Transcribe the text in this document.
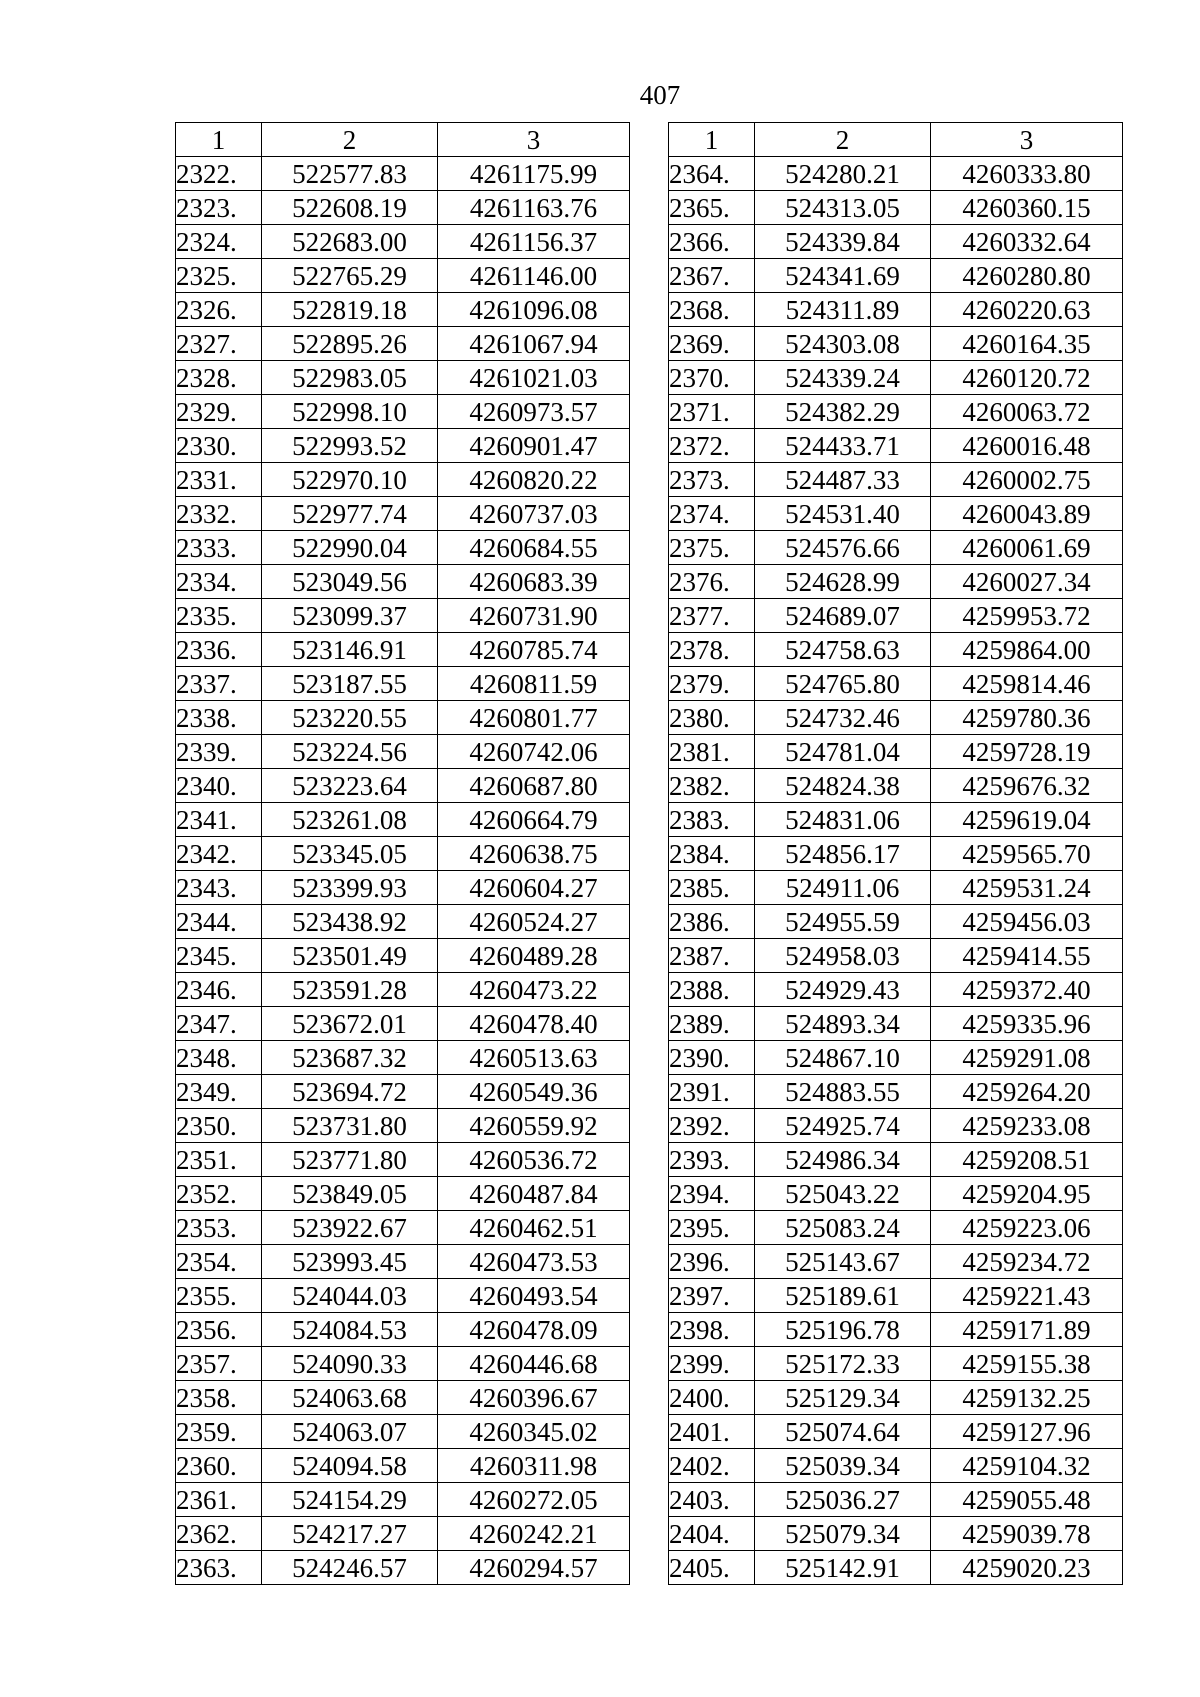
407
1	2	3
2322.	522577.83	4261175.99
2323.	522608.19	4261163.76
2324.	522683.00	4261156.37
2325.	522765.29	4261146.00
2326.	522819.18	4261096.08
2327.	522895.26	4261067.94
2328.	522983.05	4261021.03
2329.	522998.10	4260973.57
2330.	522993.52	4260901.47
2331.	522970.10	4260820.22
2332.	522977.74	4260737.03
2333.	522990.04	4260684.55
2334.	523049.56	4260683.39
2335.	523099.37	4260731.90
2336.	523146.91	4260785.74
2337.	523187.55	4260811.59
2338.	523220.55	4260801.77
2339.	523224.56	4260742.06
2340.	523223.64	4260687.80
2341.	523261.08	4260664.79
2342.	523345.05	4260638.75
2343.	523399.93	4260604.27
2344.	523438.92	4260524.27
2345.	523501.49	4260489.28
2346.	523591.28	4260473.22
2347.	523672.01	4260478.40
2348.	523687.32	4260513.63
2349.	523694.72	4260549.36
2350.	523731.80	4260559.92
2351.	523771.80	4260536.72
2352.	523849.05	4260487.84
2353.	523922.67	4260462.51
2354.	523993.45	4260473.53
2355.	524044.03	4260493.54
2356.	524084.53	4260478.09
2357.	524090.33	4260446.68
2358.	524063.68	4260396.67
2359.	524063.07	4260345.02
2360.	524094.58	4260311.98
2361.	524154.29	4260272.05
2362.	524217.27	4260242.21
2363.	524246.57	4260294.57
1	2	3
2364.	524280.21	4260333.80
2365.	524313.05	4260360.15
2366.	524339.84	4260332.64
2367.	524341.69	4260280.80
2368.	524311.89	4260220.63
2369.	524303.08	4260164.35
2370.	524339.24	4260120.72
2371.	524382.29	4260063.72
2372.	524433.71	4260016.48
2373.	524487.33	4260002.75
2374.	524531.40	4260043.89
2375.	524576.66	4260061.69
2376.	524628.99	4260027.34
2377.	524689.07	4259953.72
2378.	524758.63	4259864.00
2379.	524765.80	4259814.46
2380.	524732.46	4259780.36
2381.	524781.04	4259728.19
2382.	524824.38	4259676.32
2383.	524831.06	4259619.04
2384.	524856.17	4259565.70
2385.	524911.06	4259531.24
2386.	524955.59	4259456.03
2387.	524958.03	4259414.55
2388.	524929.43	4259372.40
2389.	524893.34	4259335.96
2390.	524867.10	4259291.08
2391.	524883.55	4259264.20
2392.	524925.74	4259233.08
2393.	524986.34	4259208.51
2394.	525043.22	4259204.95
2395.	525083.24	4259223.06
2396.	525143.67	4259234.72
2397.	525189.61	4259221.43
2398.	525196.78	4259171.89
2399.	525172.33	4259155.38
2400.	525129.34	4259132.25
2401.	525074.64	4259127.96
2402.	525039.34	4259104.32
2403.	525036.27	4259055.48
2404.	525079.34	4259039.78
2405.	525142.91	4259020.23
